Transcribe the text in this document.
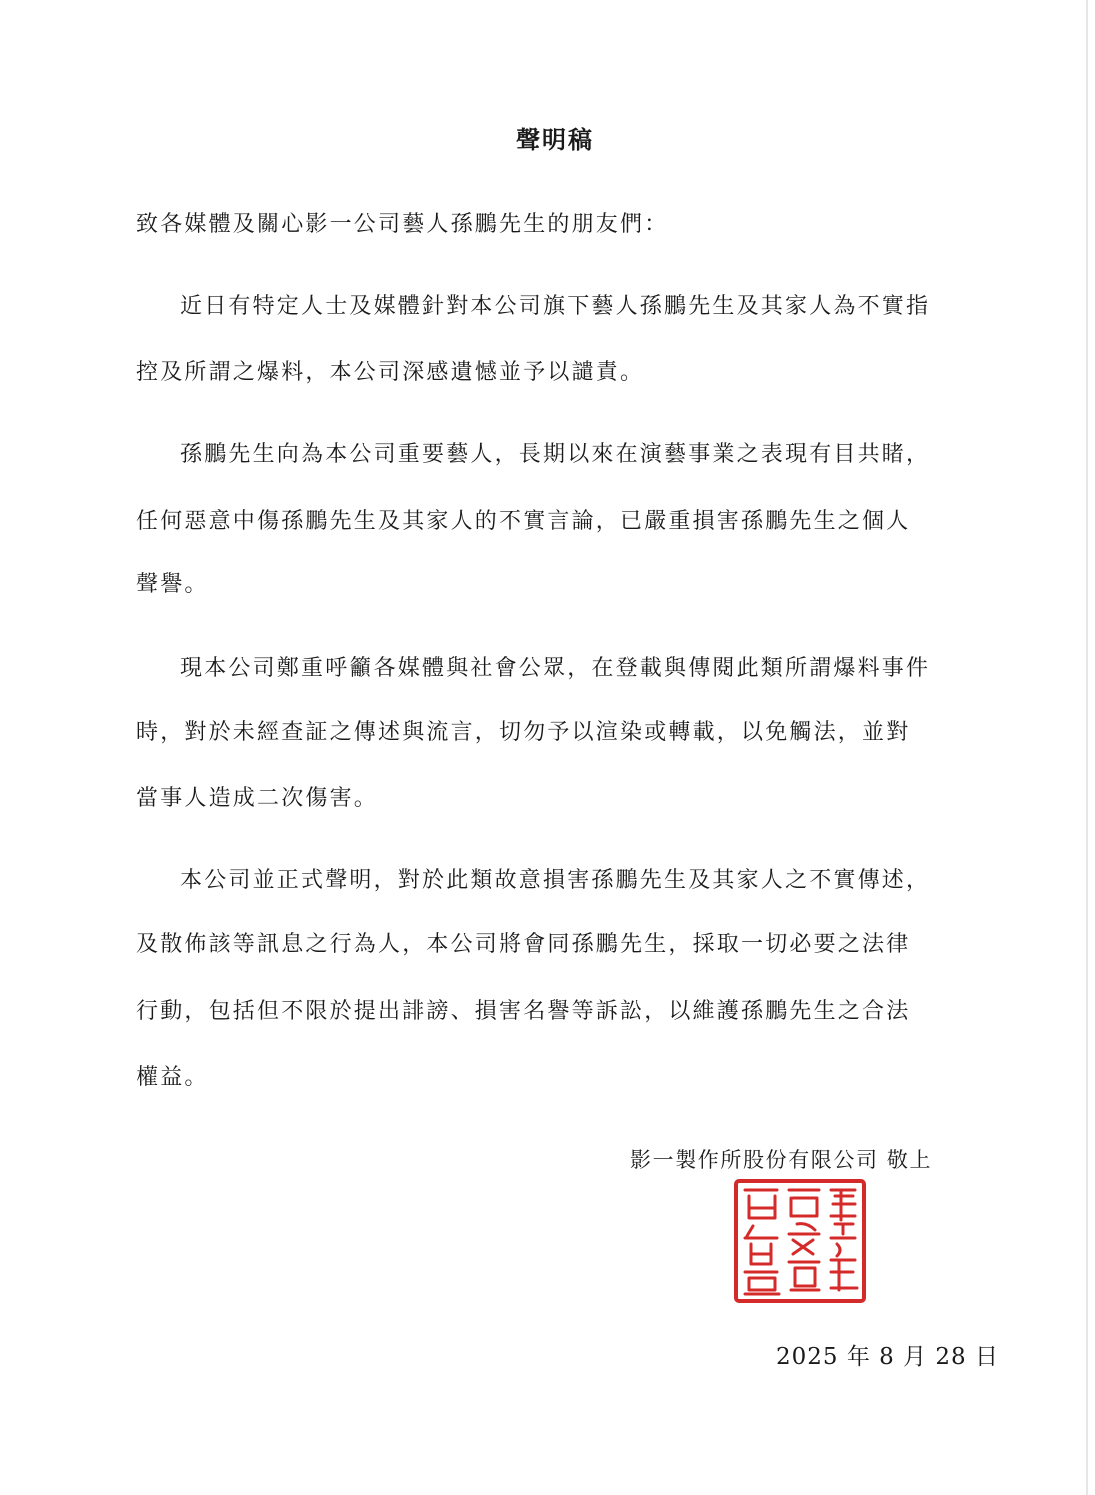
聲明稿
致各媒體及關心影一公司藝人孫鵬先生的朋友們：
近日有特定人士及媒體針對本公司旗下藝人孫鵬先生及其家人為不實指
控及所謂之爆料，本公司深感遺憾並予以譴責。
孫鵬先生向為本公司重要藝人，長期以來在演藝事業之表現有目共睹，
任何惡意中傷孫鵬先生及其家人的不實言論，已嚴重損害孫鵬先生之個人
聲譽。
現本公司鄭重呼籲各媒體與社會公眾，在登載與傳閱此類所謂爆料事件
時，對於未經查証之傳述與流言，切勿予以渲染或轉載，以免觸法，並對
當事人造成二次傷害。
本公司並正式聲明，對於此類故意損害孫鵬先生及其家人之不實傳述，
及散佈該等訊息之行為人，本公司將會同孫鵬先生，採取一切必要之法律
行動，包括但不限於提出誹謗、損害名譽等訴訟，以維護孫鵬先生之合法
權益。
影一製作所股份有限公司 敬上
2025 年 8 月 28 日
